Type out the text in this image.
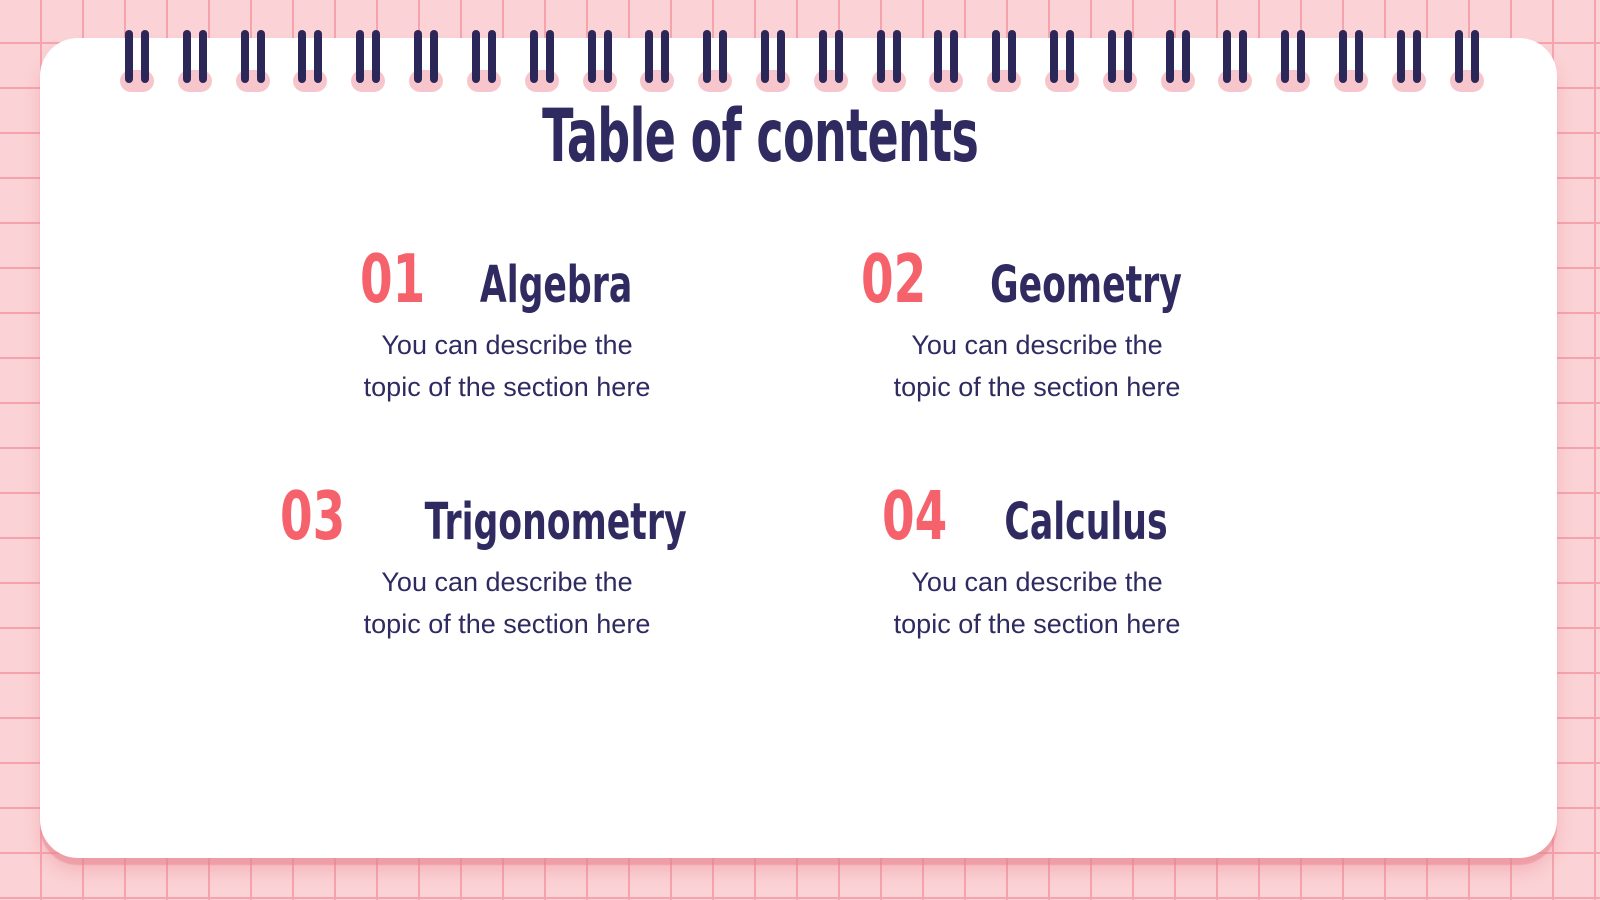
Table of contents
01 Algebra

You can describe the
topic of the section here

02 Geometry

You can describe the
topic of the section here

03 Trigonometry

You can describe the
topic of the section here

04 Calculus

You can describe the
topic of the section here
